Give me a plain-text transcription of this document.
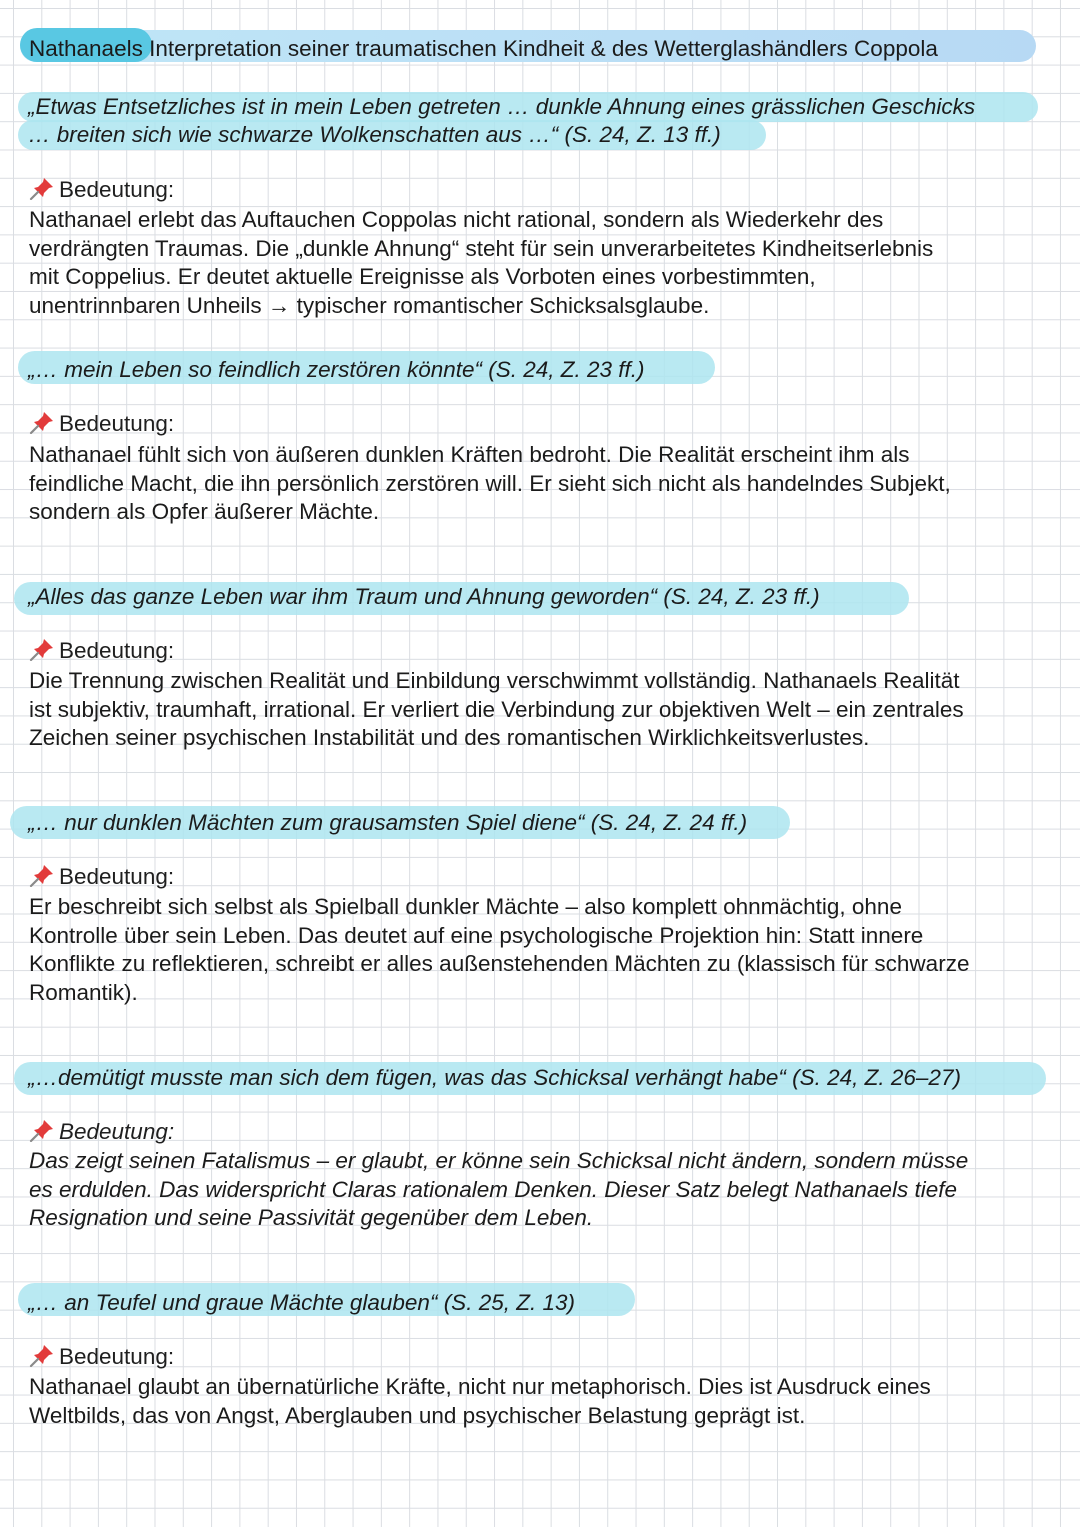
Nathanaels Interpretation seiner traumatischen Kindheit & des Wetterglashändlers Coppola

„Etwas Entsetzliches ist in mein Leben getreten … dunkle Ahnung eines grässlichen Geschicks
… breiten sich wie schwarze Wolkenschatten aus …“ (S. 24, Z. 13 ff.)

Bedeutung:

Nathanael erlebt das Auftauchen Coppolas nicht rational, sondern als Wiederkehr des
verdrängten Traumas. Die „dunkle Ahnung“ steht für sein unverarbeitetes Kindheitserlebnis
mit Coppelius. Er deutet aktuelle Ereignisse als Vorboten eines vorbestimmten,
unentrinnbaren Unheils → typischer romantischer Schicksalsglaube.

„… mein Leben so feindlich zerstören könnte“ (S. 24, Z. 23 ff.)

Bedeutung:

Nathanael fühlt sich von äußeren dunklen Kräften bedroht. Die Realität erscheint ihm als
feindliche Macht, die ihn persönlich zerstören will. Er sieht sich nicht als handelndes Subjekt,
sondern als Opfer äußerer Mächte.

„Alles das ganze Leben war ihm Traum und Ahnung geworden“ (S. 24, Z. 23 ff.)

Bedeutung:

Die Trennung zwischen Realität und Einbildung verschwimmt vollständig. Nathanaels Realität
ist subjektiv, traumhaft, irrational. Er verliert die Verbindung zur objektiven Welt – ein zentrales
Zeichen seiner psychischen Instabilität und des romantischen Wirklichkeitsverlustes.

„… nur dunklen Mächten zum grausamsten Spiel diene“ (S. 24, Z. 24 ff.)

Bedeutung:

Er beschreibt sich selbst als Spielball dunkler Mächte – also komplett ohnmächtig, ohne
Kontrolle über sein Leben. Das deutet auf eine psychologische Projektion hin: Statt innere
Konflikte zu reflektieren, schreibt er alles außenstehenden Mächten zu (klassisch für schwarze
Romantik).

„…demütigt musste man sich dem fügen, was das Schicksal verhängt habe“ (S. 24, Z. 26–27)

Bedeutung:

Das zeigt seinen Fatalismus – er glaubt, er könne sein Schicksal nicht ändern, sondern müsse
es erdulden. Das widerspricht Claras rationalem Denken. Dieser Satz belegt Nathanaels tiefe
Resignation und seine Passivität gegenüber dem Leben.

„… an Teufel und graue Mächte glauben“ (S. 25, Z. 13)

Bedeutung:

Nathanael glaubt an übernatürliche Kräfte, nicht nur metaphorisch. Dies ist Ausdruck eines
Weltbilds, das von Angst, Aberglauben und psychischer Belastung geprägt ist.
